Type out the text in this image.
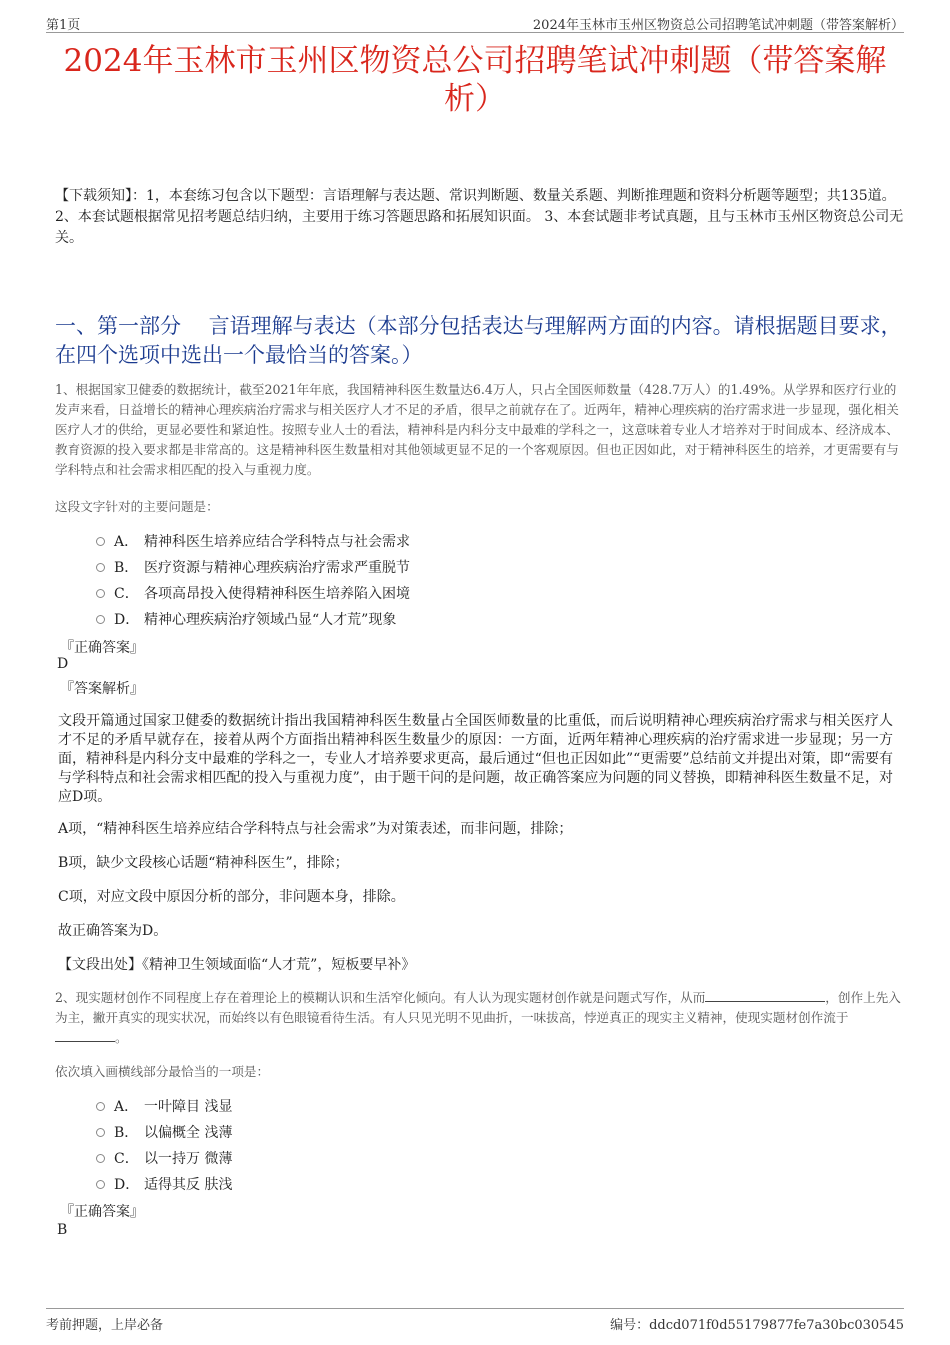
第1页	2024年玉林市玉州区物资总公司招聘笔试冲刺题（带答案解析）
2024年玉林市玉州区物资总公司招聘笔试冲刺题（带答案解析）
【下载须知】：1，本套练习包含以下题型：言语理解与表达题、常识判断题、数量关系题、判断推理题和资料分析题等题型；共135道。 2、本套试题根据常见招考题总结归纳，主要用于练习答题思路和拓展知识面。 3、本套试题非考试真题，且与玉林市玉州区物资总公司无关。
一、第一部分　 言语理解与表达（本部分包括表达与理解两方面的内容。请根据题目要求，在四个选项中选出一个最恰当的答案。）
1、根据国家卫健委的数据统计，截至2021年年底，我国精神科医生数量达6.4万人，只占全国医师数量（428.7万人）的1.49%。从学界和医疗行业的发声来看，日益增长的精神心理疾病治疗需求与相关医疗人才不足的矛盾，很早之前就存在了。近两年，精神心理疾病的治疗需求进一步显现，强化相关医疗人才的供给，更显必要性和紧迫性。按照专业人士的看法，精神科是内科分支中最难的学科之一，这意味着专业人才培养对于时间成本、经济成本、教育资源的投入要求都是非常高的。这是精神科医生数量相对其他领域更显不足的一个客观原因。但也正因如此，对于精神科医生的培养，才更需要有与学科特点和社会需求相匹配的投入与重视力度。
这段文字针对的主要问题是：
A． 精神科医生培养应结合学科特点与社会需求
B． 医疗资源与精神心理疾病治疗需求严重脱节
C． 各项高昂投入使得精神科医生培养陷入困境
D． 精神心理疾病治疗领域凸显“人才荒”现象
『正确答案』
D
『答案解析』
文段开篇通过国家卫健委的数据统计指出我国精神科医生数量占全国医师数量的比重低，而后说明精神心理疾病治疗需求与相关医疗人才不足的矛盾早就存在，接着从两个方面指出精神科医生数量少的原因：一方面，近两年精神心理疾病的治疗需求进一步显现；另一方面，精神科是内科分支中最难的学科之一，专业人才培养要求更高，最后通过“但也正因如此”“更需要”总结前文并提出对策，即“需要有与学科特点和社会需求相匹配的投入与重视力度”，由于题干问的是问题，故正确答案应为问题的同义替换，即精神科医生数量不足，对应D项。
A项，“精神科医生培养应结合学科特点与社会需求”为对策表述，而非问题，排除；
B项，缺少文段核心话题“精神科医生”，排除；
C项，对应文段中原因分析的部分，非问题本身，排除。
故正确答案为D。
【文段出处】《精神卫生领域面临“人才荒”，短板要早补》
2、现实题材创作不同程度上存在着理论上的模糊认识和生活窄化倾向。有人认为现实题材创作就是问题式写作，从而	，创作上先入为主，撇开真实的现实状况，而始终以有色眼镜看待生活。有人只见光明不见曲折，一味拔高，悖逆真正的现实主义精神，使现实题材创作流于。
依次填入画横线部分最恰当的一项是：
A． 一叶障目 浅显
B． 以偏概全 浅薄
C． 以一持万 微薄
D． 适得其反 肤浅
『正确答案』
B
考前押题，上岸必备	编号：ddcd071f0d55179877fe7a30bc030545
